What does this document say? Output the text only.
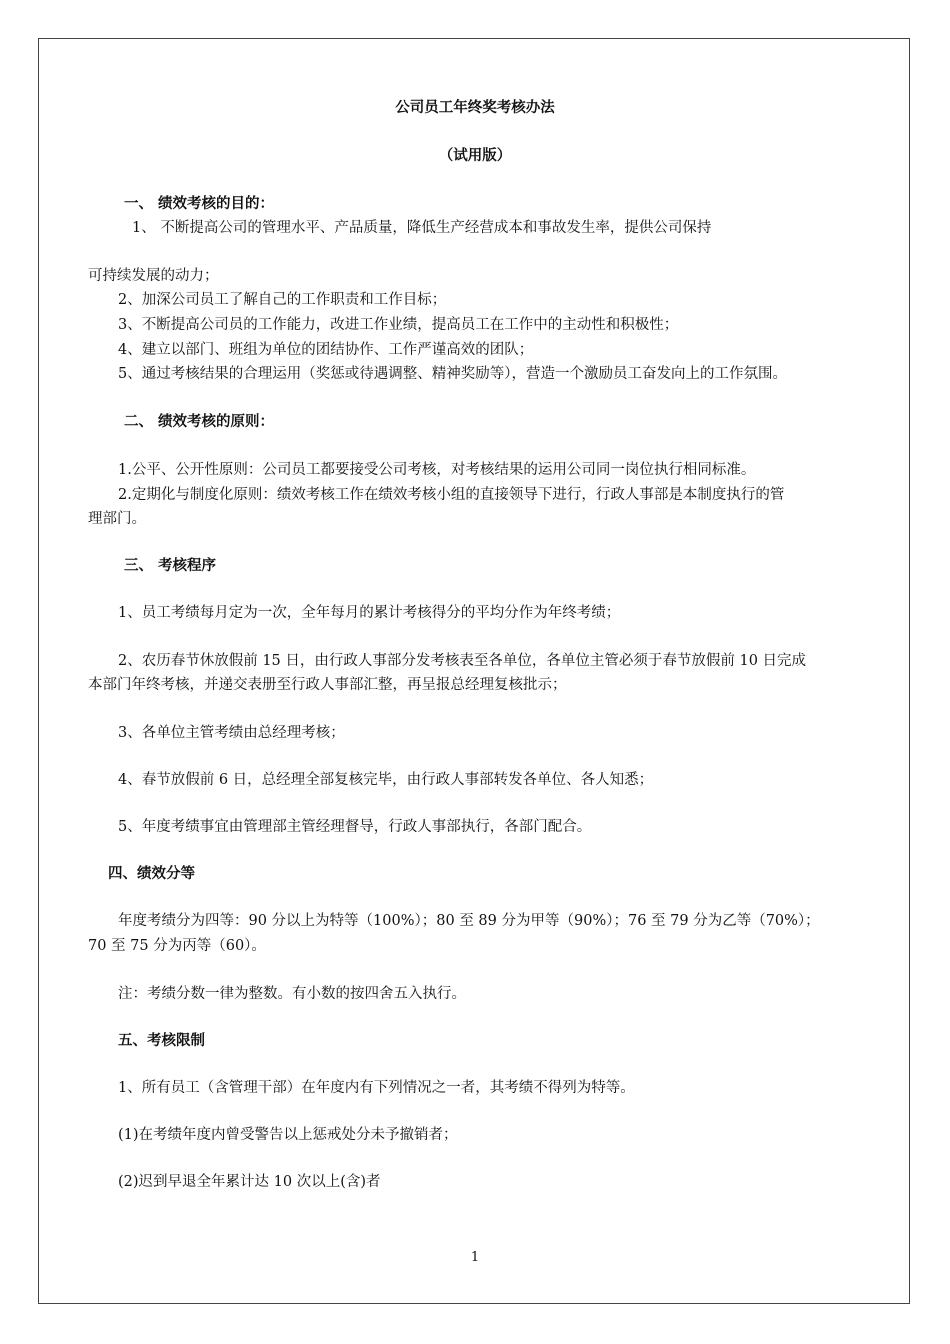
公司员工年终奖考核办法
（试用版）
一、 绩效考核的目的：
1、 不断提高公司的管理水平、产品质量，降低生产经营成本和事故发生率，提供公司保持
可持续发展的动力；
2、加深公司员工了解自己的工作职责和工作目标；
3、不断提高公司员的工作能力，改进工作业绩，提高员工在工作中的主动性和积极性；
4、建立以部门、班组为单位的团结协作、工作严谨高效的团队；
5、通过考核结果的合理运用（奖惩或待遇调整、精神奖励等），营造一个激励员工奋发向上的工作氛围。
二、 绩效考核的原则：
1.公平、公开性原则：公司员工都要接受公司考核，对考核结果的运用公司同一岗位执行相同标准。
2.定期化与制度化原则：绩效考核工作在绩效考核小组的直接领导下进行，行政人事部是本制度执行的管
理部门。
三、 考核程序
1、员工考绩每月定为一次，全年每月的累计考核得分的平均分作为年终考绩；
2、农历春节休放假前 15 日，由行政人事部分发考核表至各单位，各单位主管必须于春节放假前 10 日完成
本部门年终考核，并递交表册至行政人事部汇整，再呈报总经理复核批示；
3、各单位主管考绩由总经理考核；
4、春节放假前 6 日，总经理全部复核完毕，由行政人事部转发各单位、各人知悉；
5、年度考绩事宜由管理部主管经理督导，行政人事部执行，各部门配合。
四、绩效分等
年度考绩分为四等：90 分以上为特等（100%）；80 至 89 分为甲等（90%）；76 至 79 分为乙等（70%）；
70 至 75 分为丙等（60）。
注：考绩分数一律为整数。有小数的按四舍五入执行。
五、考核限制
1、所有员工（含管理干部）在年度内有下列情况之一者，其考绩不得列为特等。
(1)在考绩年度内曾受警告以上惩戒处分未予撤销者；
(2)迟到早退全年累计达 10 次以上(含)者
1
